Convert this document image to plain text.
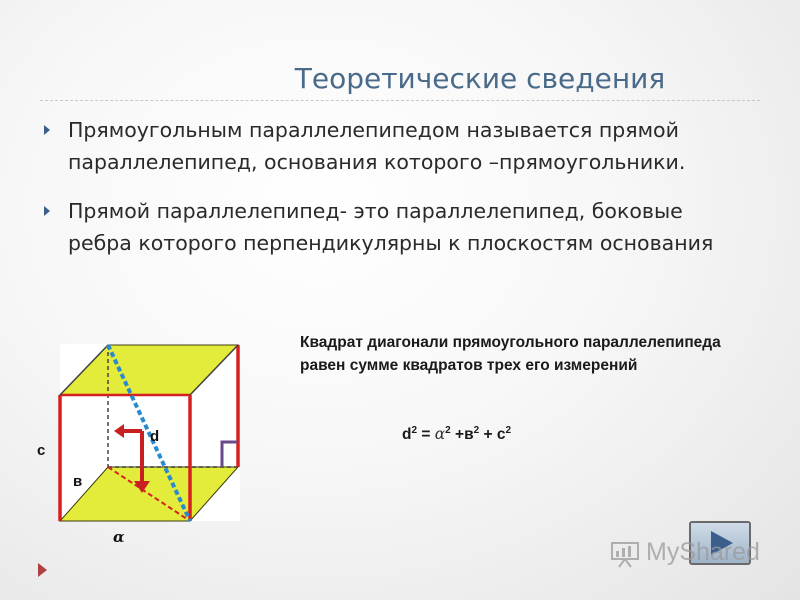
Теоретические сведения
Прямоугольным параллелепипедом называется прямой параллелепипед, основания которого –прямоугольники.
Прямой параллелепипед- это параллелепипед, боковые ребра которого перпендикулярны к плоскостям основания
с
в
d
α
Квадрат диагонали прямоугольного параллелепипеда равен сумме квадратов трех его измерений
$d^2 = \alpha^2 +в^2 + с^2$
MyShared
